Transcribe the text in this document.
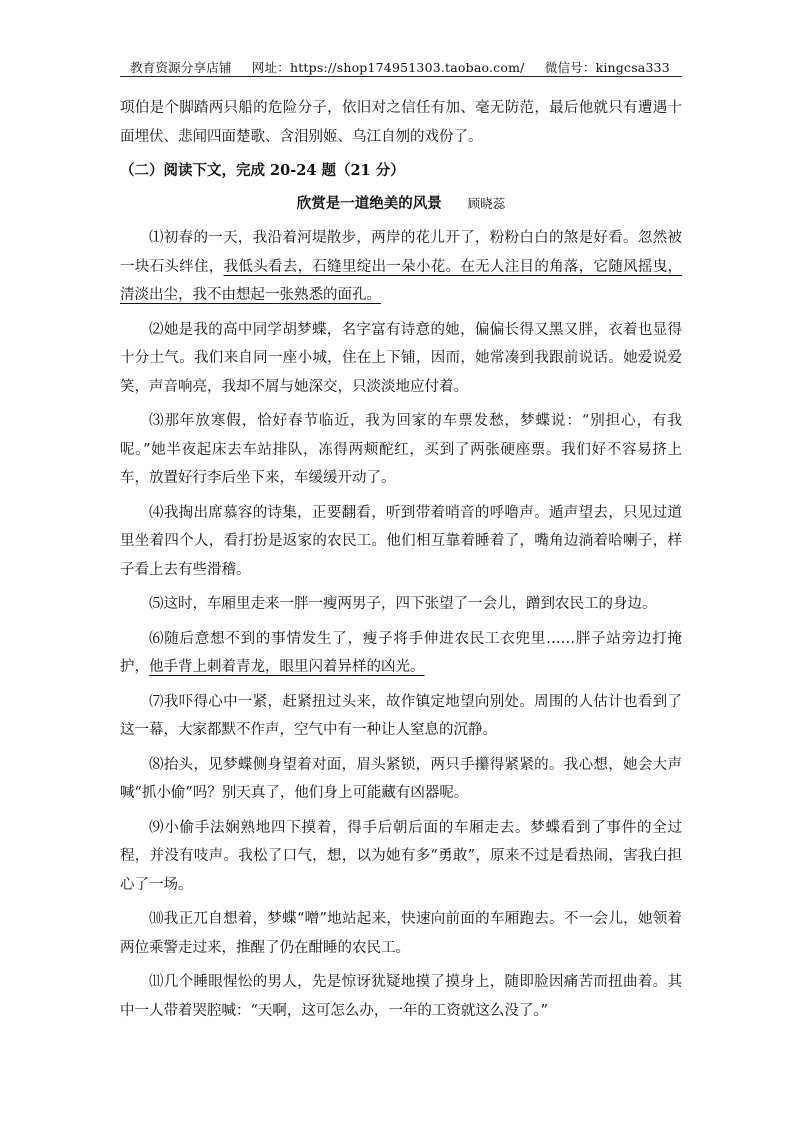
教育资源分享店铺 网址：https://shop174951303.taobao.com/ 微信号：kingcsa333

项伯是个脚踏两只船的危险分子，依旧对之信任有加、毫无防范，最后他就只有遭遇十面埋伏、悲闻四面楚歌、含泪别姬、乌江自刎的戏份了。

（二）阅读下文，完成 20-24 题（21 分）

欣赏是一道绝美的风景 顾晓蕊

⑴初春的一天，我沿着河堤散步，两岸的花儿开了，粉粉白白的煞是好看。忽然被一块石头绊住，我低头看去，石缝里绽出一朵小花。在无人注目的角落，它随风摇曳，清淡出尘，我不由想起一张熟悉的面孔。

⑵她是我的高中同学胡梦蝶，名字富有诗意的她，偏偏长得又黑又胖，衣着也显得十分土气。我们来自同一座小城，住在上下铺，因而，她常凑到我跟前说话。她爱说爱笑，声音响亮，我却不屑与她深交，只淡淡地应付着。

⑶那年放寒假，恰好春节临近，我为回家的车票发愁，梦蝶说：“别担心，有我呢。”她半夜起床去车站排队，冻得两颊酡红，买到了两张硬座票。我们好不容易挤上车，放置好行李后坐下来，车缓缓开动了。

⑷我掏出席慕容的诗集，正要翻看，听到带着哨音的呼噜声。遁声望去，只见过道里坐着四个人，看打扮是返家的农民工。他们相互靠着睡着了，嘴角边淌着哈喇子，样子看上去有些滑稽。

⑸这时，车厢里走来一胖一瘦两男子，四下张望了一会儿，蹭到农民工的身边。

⑹随后意想不到的事情发生了，瘦子将手伸进农民工衣兜里……胖子站旁边打掩护，他手背上刺着青龙，眼里闪着异样的凶光。

⑺我吓得心中一紧，赶紧扭过头来，故作镇定地望向别处。周围的人估计也看到了这一幕，大家都默不作声，空气中有一种让人窒息的沉静。

⑻抬头，见梦蝶侧身望着对面，眉头紧锁，两只手攥得紧紧的。我心想，她会大声喊“抓小偷”吗？别天真了，他们身上可能藏有凶器呢。

⑼小偷手法娴熟地四下摸着，得手后朝后面的车厢走去。梦蝶看到了事件的全过程，并没有吱声。我松了口气，想，以为她有多“勇敢”，原来不过是看热闹，害我白担心了一场。

⑽我正兀自想着，梦蝶“噌”地站起来，快速向前面的车厢跑去。不一会儿，她领着两位乘警走过来，推醒了仍在酣睡的农民工。

⑾几个睡眼惺忪的男人，先是惊讶犹疑地摸了摸身上，随即脸因痛苦而扭曲着。其中一人带着哭腔喊：“天啊，这可怎么办，一年的工资就这么没了。”
